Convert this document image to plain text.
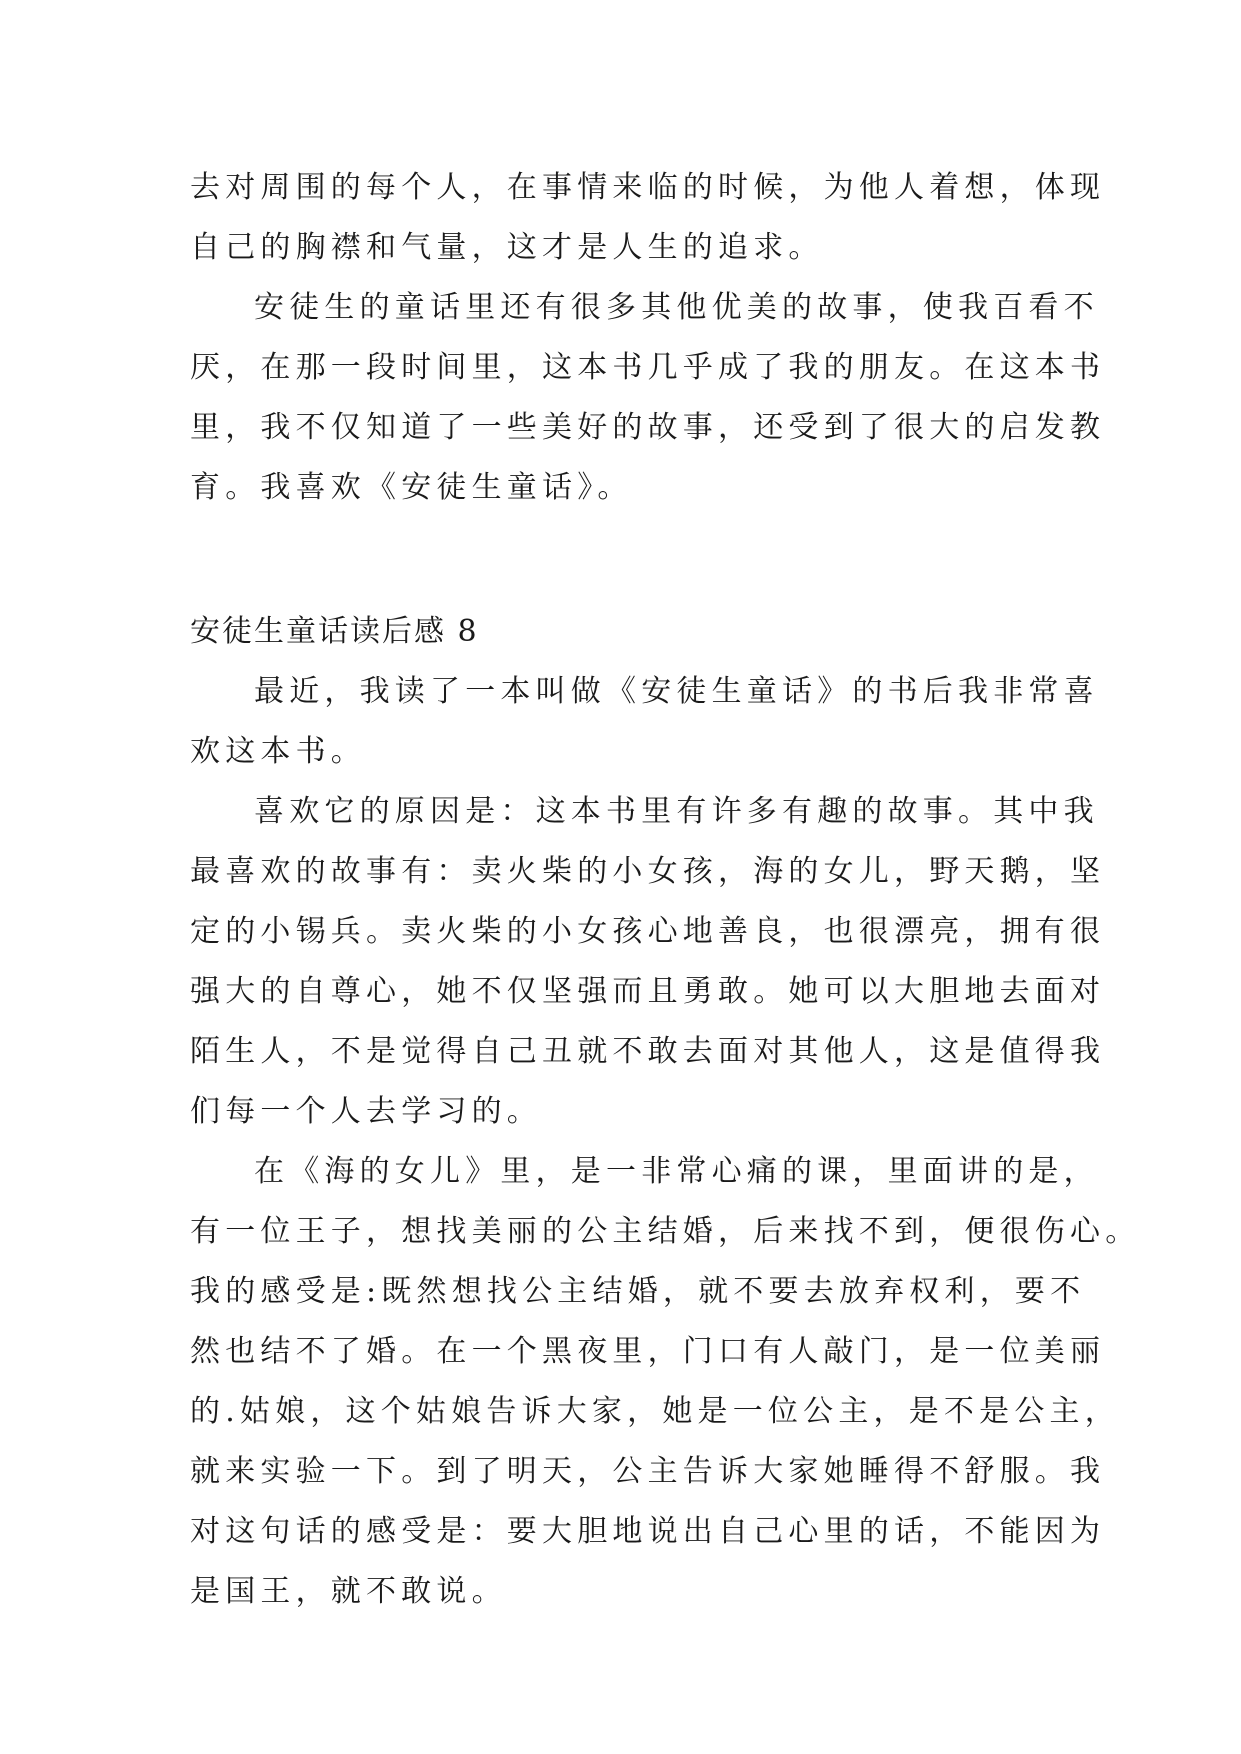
去对周围的每个人，在事情来临的时候，为他人着想，体现
自己的胸襟和气量，这才是人生的追求。
安徒生的童话里还有很多其他优美的故事，使我百看不
厌，在那一段时间里，这本书几乎成了我的朋友。在这本书
里，我不仅知道了一些美好的故事，还受到了很大的启发教
育。我喜欢《安徒生童话》。
安徒生童话读后感 8
最近，我读了一本叫做《安徒生童话》的书后我非常喜
欢这本书。
喜欢它的原因是：这本书里有许多有趣的故事。其中我
最喜欢的故事有：卖火柴的小女孩，海的女儿，野天鹅，坚
定的小锡兵。卖火柴的小女孩心地善良，也很漂亮，拥有很
强大的自尊心，她不仅坚强而且勇敢。她可以大胆地去面对
陌生人，不是觉得自己丑就不敢去面对其他人，这是值得我
们每一个人去学习的。
在《海的女儿》里，是一非常心痛的课，里面讲的是，
有一位王子，想找美丽的公主结婚，后来找不到，便很伤心。
我的感受是:既然想找公主结婚，就不要去放弃权利，要不
然也结不了婚。在一个黑夜里，门口有人敲门，是一位美丽
的.姑娘，这个姑娘告诉大家，她是一位公主，是不是公主，
就来实验一下。到了明天，公主告诉大家她睡得不舒服。我
对这句话的感受是：要大胆地说出自己心里的话，不能因为
是国王，就不敢说。
